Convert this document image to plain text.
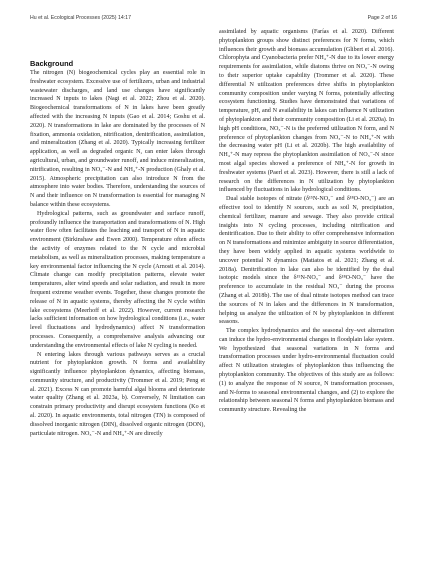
Hu et al. Ecological Processes (2025) 14:17	Page 2 of 16
Background

The nitrogen (N) biogeochemical cycles play an essential role in freshwater ecosystem. Excessive use of fertilizers, urban and industrial wastewater discharges, and land use changes have significantly increased N inputs to lakes (Nagi et al. 2022; Zhou et al. 2020). Biogeochemical transformations of N in lakes have been greatly affected with the increasing N inputs (Gao et al. 2014; Goshu et al. 2020). N transformations in lake are dominated by the processes of N fixation, ammonia oxidation, nitrification, denitrification, assimilation, and mineralization (Zhang et al. 2020). Typically increasing fertilizer application, as well as degraded organic N, can enter lakes through agricultural, urban, and groundwater runoff, and induce mineralization, nitrification, resulting in NO₃⁻-N and NH₄⁺-N production (Ghaly et al. 2015). Atmospheric precipitation can also introduce N from the atmosphere into water bodies. Therefore, understanding the sources of N and their influence on N transformation is essential for managing N balance within these ecosystems.

Hydrological patterns, such as groundwater and surface runoff, profoundly influence the transportation and transformations of N. High water flow often facilitates the leaching and transport of N in aquatic environment (Birkinshaw and Ewen 2000). Temperature often affects the activity of enzymes related to the N cycle and microbial metabolism, as well as mineralization processes, making temperature a key environmental factor influencing the N cycle (Arnosti et al. 2014). Climate change can modify precipitation patterns, elevate water temperatures, alter wind speeds and solar radiation, and result in more frequent extreme weather events. Together, these changes promote the release of N in aquatic systems, thereby affecting the N cycle within lake ecosystems (Meerhoff et al. 2022). However, current research lacks sufficient information on how hydrological conditions (i.e., water level fluctuations and hydrodynamics) affect N transformation processes. Consequently, a comprehensive analysis advancing our understanding the environmental effects of lake N cycling is needed.

N entering lakes through various pathways serves as a crucial nutrient for phytoplankton growth. N forms and availability significantly influence phytoplankton dynamics, affecting biomass, community structure, and productivity (Trommer et al. 2019; Peng et al. 2021). Excess N can promote harmful algal blooms and deteriorate water quality (Zhang et al. 2023a, b). Conversely, N limitation can constrain primary productivity and disrupt ecosystem functions (Ko et al. 2020). In aquatic environments, total nitrogen (TN) is composed of dissolved inorganic nitrogen (DIN), dissolved organic nitrogen (DON), particulate nitrogen. NO₃⁻-N and NH₄⁺-N are directly

assimilated by aquatic organisms (Farías et al. 2020). Different phytoplankton groups show distinct preferences for N forms, which influences their growth and biomass accumulation (Glibert et al. 2016). Chlorophyta and Cyanobacteria prefer NH₄⁺-N due to its lower energy requirements for assimilation, while diatoms thrive on NO₃⁻-N owing to their superior uptake capability (Trommer et al. 2020). These differential N utilization preferences drive shifts in phytoplankton community composition under varying N forms, potentially affecting ecosystem functioning. Studies have demonstrated that variations of temperature, pH, and N availability in lakes can influence N utilization of phytoplankton and their community composition (Li et al. 2020a). In high pH conditions, NO₃⁻-N is the preferred utilization N form, and N preference of phytoplankton changes from NO₃⁻-N to NH₄⁺-N with the decreasing water pH (Li et al. 2020b). The high availability of NH₄⁺-N may repress the phytoplankton assimilation of NO₃⁻-N since most algal species showed a preference of NH₄⁺-N for growth in freshwater systems (Paerl et al. 2023). However, there is still a lack of research on the differences in N utilization by phytoplankton influenced by fluctuations in lake hydrological conditions.

Dual stable isotopes of nitrate (δ¹⁵N-NO₃⁻ and δ¹⁸O-NO₃⁻) are an effective tool to identify N sources, such as soil N, precipitation, chemical fertilizer, manure and sewage. They also provide critical insights into N cycling processes, including nitrification and denitrification. Due to their ability to offer comprehensive information on N transformations and minimize ambiguity in source differentiation, they have been widely applied in aquatic systems worldwide to uncover potential N dynamics (Matiatos et al. 2021; Zhang et al. 2018a). Denitrification in lake can also be identified by the dual isotopic models since the δ¹⁵N-NO₃⁻ and δ¹⁸O-NO₃⁻ have the preference to accumulate in the residual NO₃⁻ during the process (Zhang et al. 2018b). The use of dual nitrate isotopes method can trace the sources of N in lakes and the differences in N transformation, helping us analyze the utilization of N by phytoplankton in different seasons.

The complex hydrodynamics and the seasonal dry–wet alternation can induce the hydro-environmental changes in floodplain lake system. We hypothesized that seasonal variations in N forms and transformation processes under hydro-environmental fluctuation could affect N utilization strategies of phytoplankton thus influencing the phytoplankton community. The objectives of this study are as follows: (1) to analyze the response of N source, N transformation processes, and N-forms to seasonal environmental changes, and (2) to explore the relationship between seasonal N forms and phytoplankton biomass and community structure. Revealing the
